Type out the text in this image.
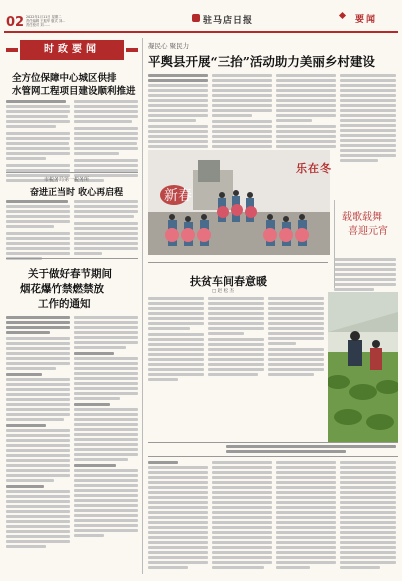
02 2022年1月11日 星期二
责任编辑 王振华 版式 刘…
责任校对 刘……	驻马店日报	要闻
时政要闻
全方位保障中心城区供排
水管网工程项目建设顺利推进
市税务局第一税务所
奋进正当时 收心再启程
关于做好春节期间
烟花爆竹禁燃禁放
工作的通知
凝民心 聚民力
平舆县开展“三抬”活动助力美丽乡村建设
新春
乐在冬
载歌载舞
喜迎元宵
扶贫车间春意暖
□ 赵 松 杰
